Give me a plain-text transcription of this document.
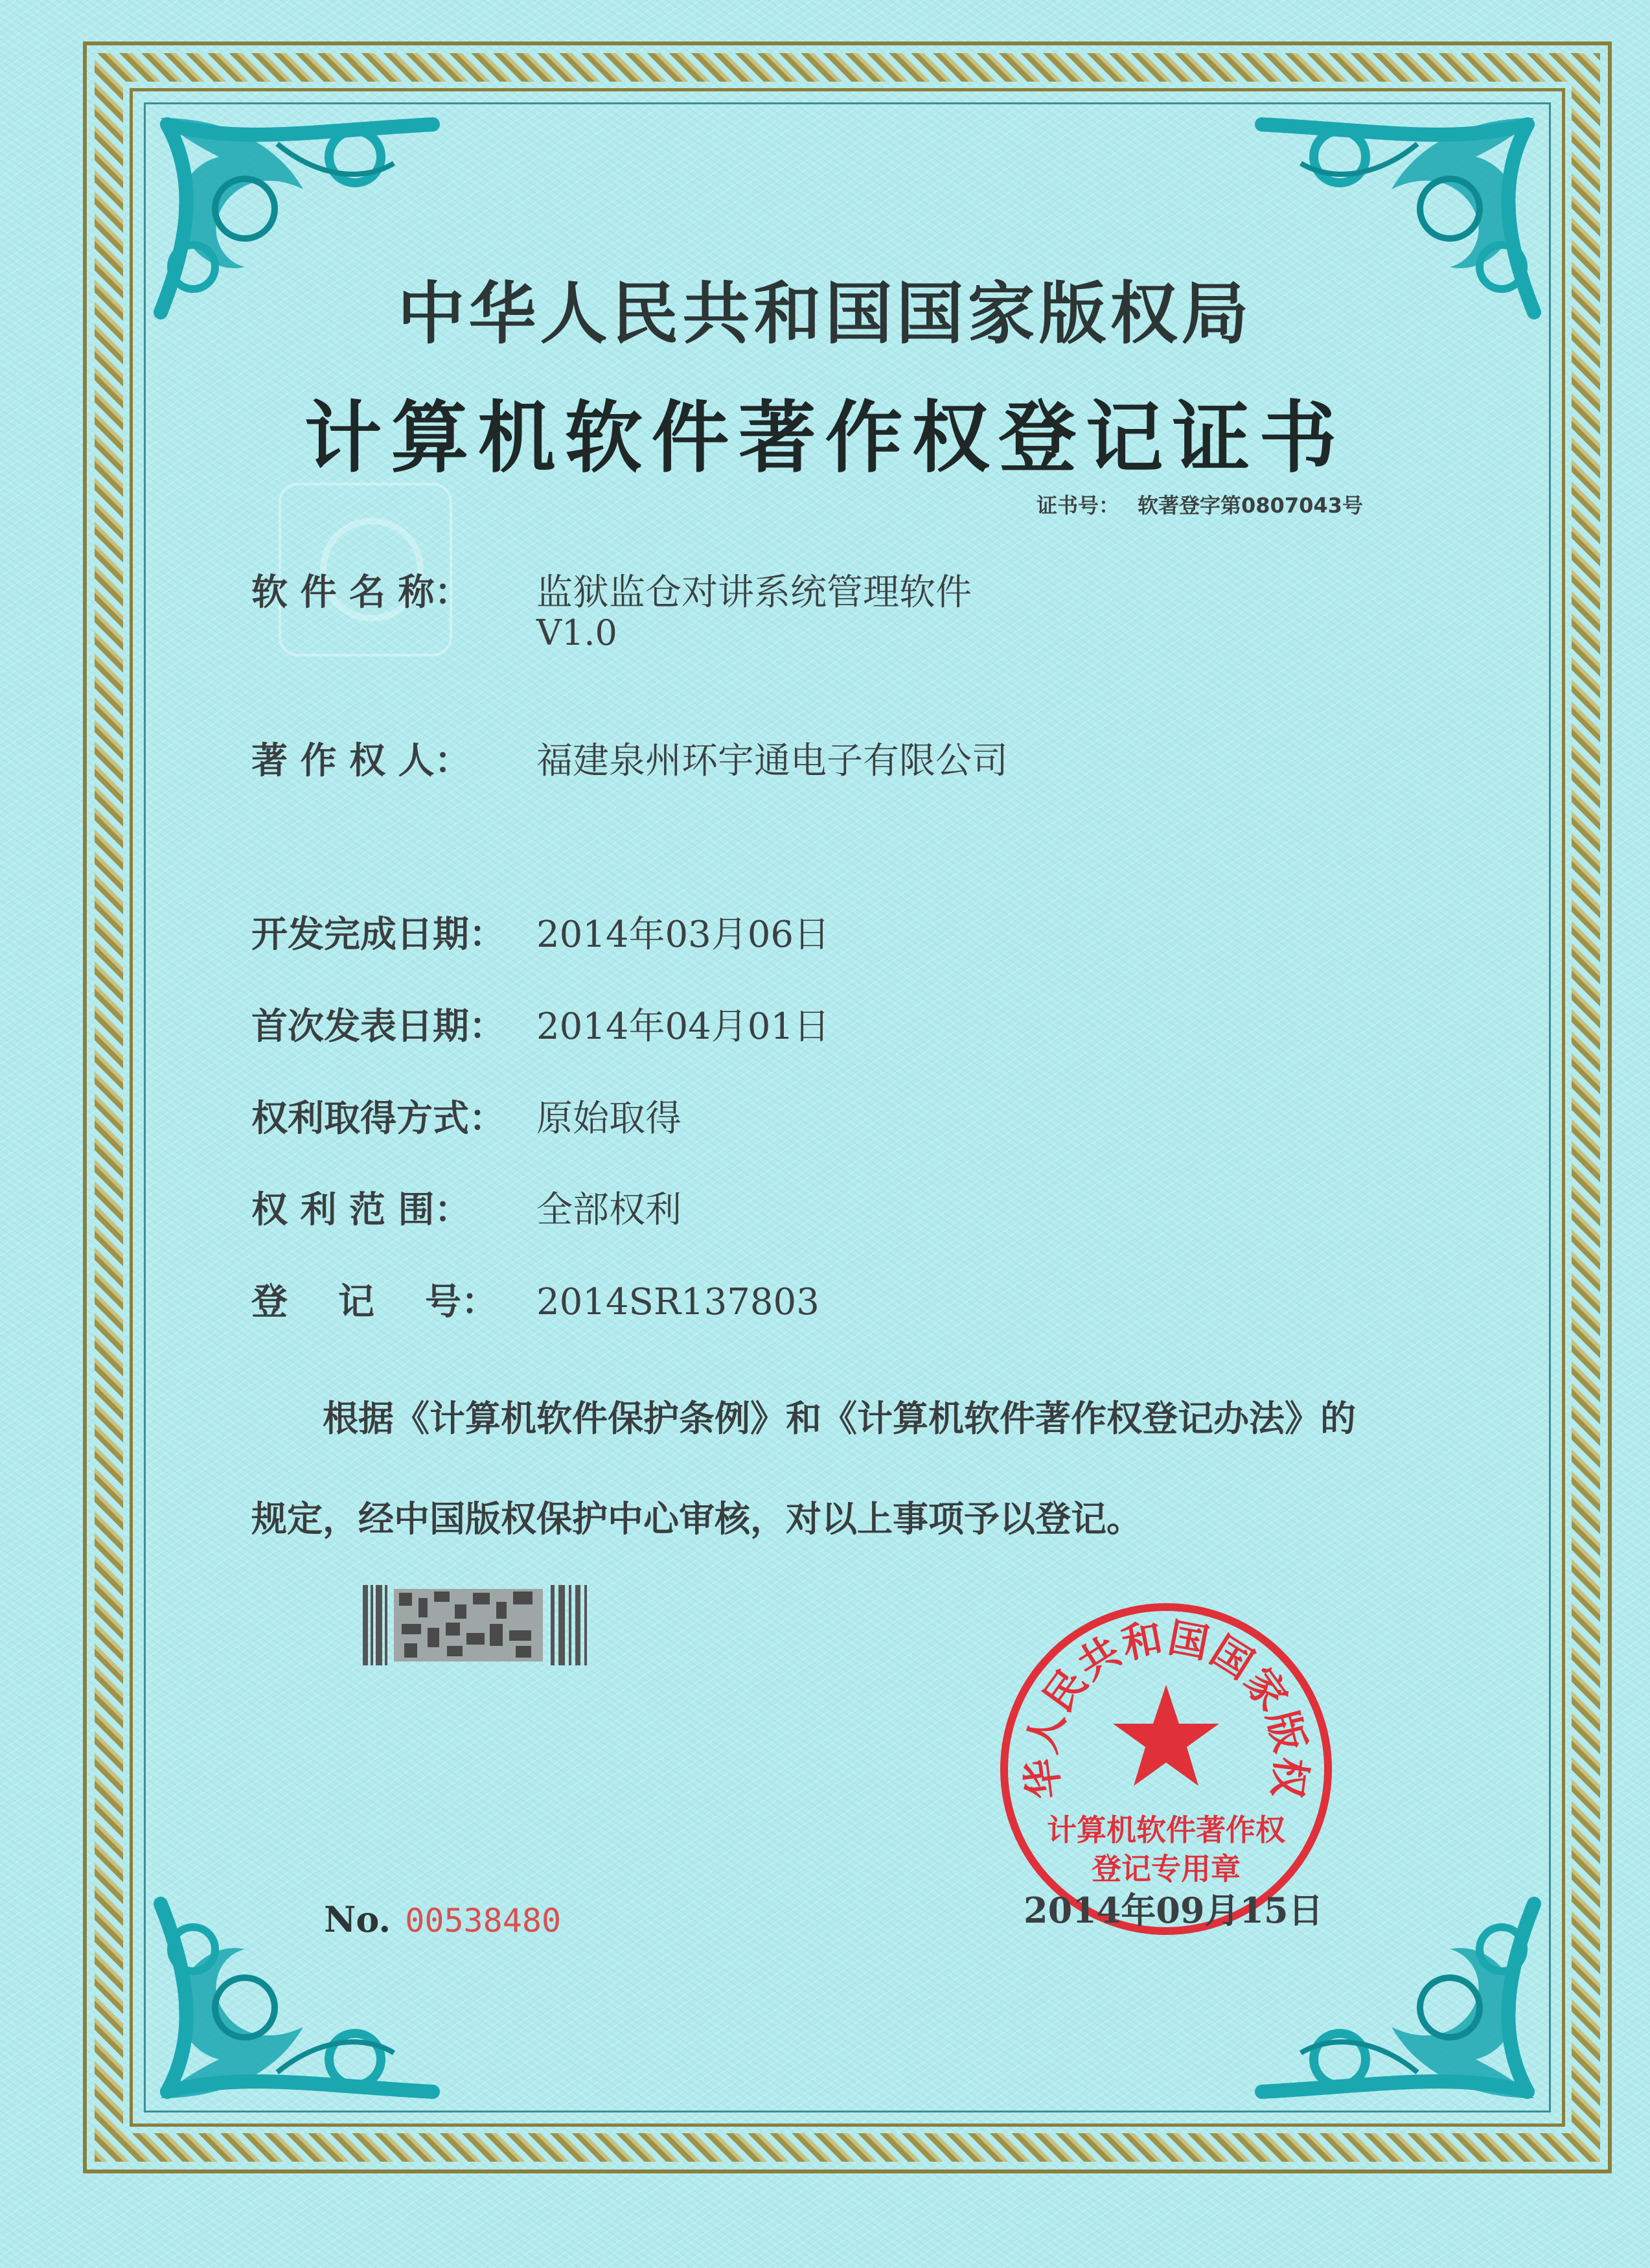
中华人民共和国国家版权局
计算机软件著作权登记证书
证书号： 软著登字第0807043号
软 件 名 称： 监狱监仓对讲系统管理软件
V1.0
著 作 权 人： 福建泉州环宇通电子有限公司
开发完成日期： 2014年03月06日
首次发表日期： 2014年04月01日
权利取得方式： 原始取得
权 利 范 围： 全部权利
登    记    号： 2014SR137803
根据《计算机软件保护条例》和《计算机软件著作权登记办法》的
规定，经中国版权保护中心审核，对以上事项予以登记。
华人民共和国国家版权
计算机软件著作权
登记专用章
2014年09月15日
No. 00538480
